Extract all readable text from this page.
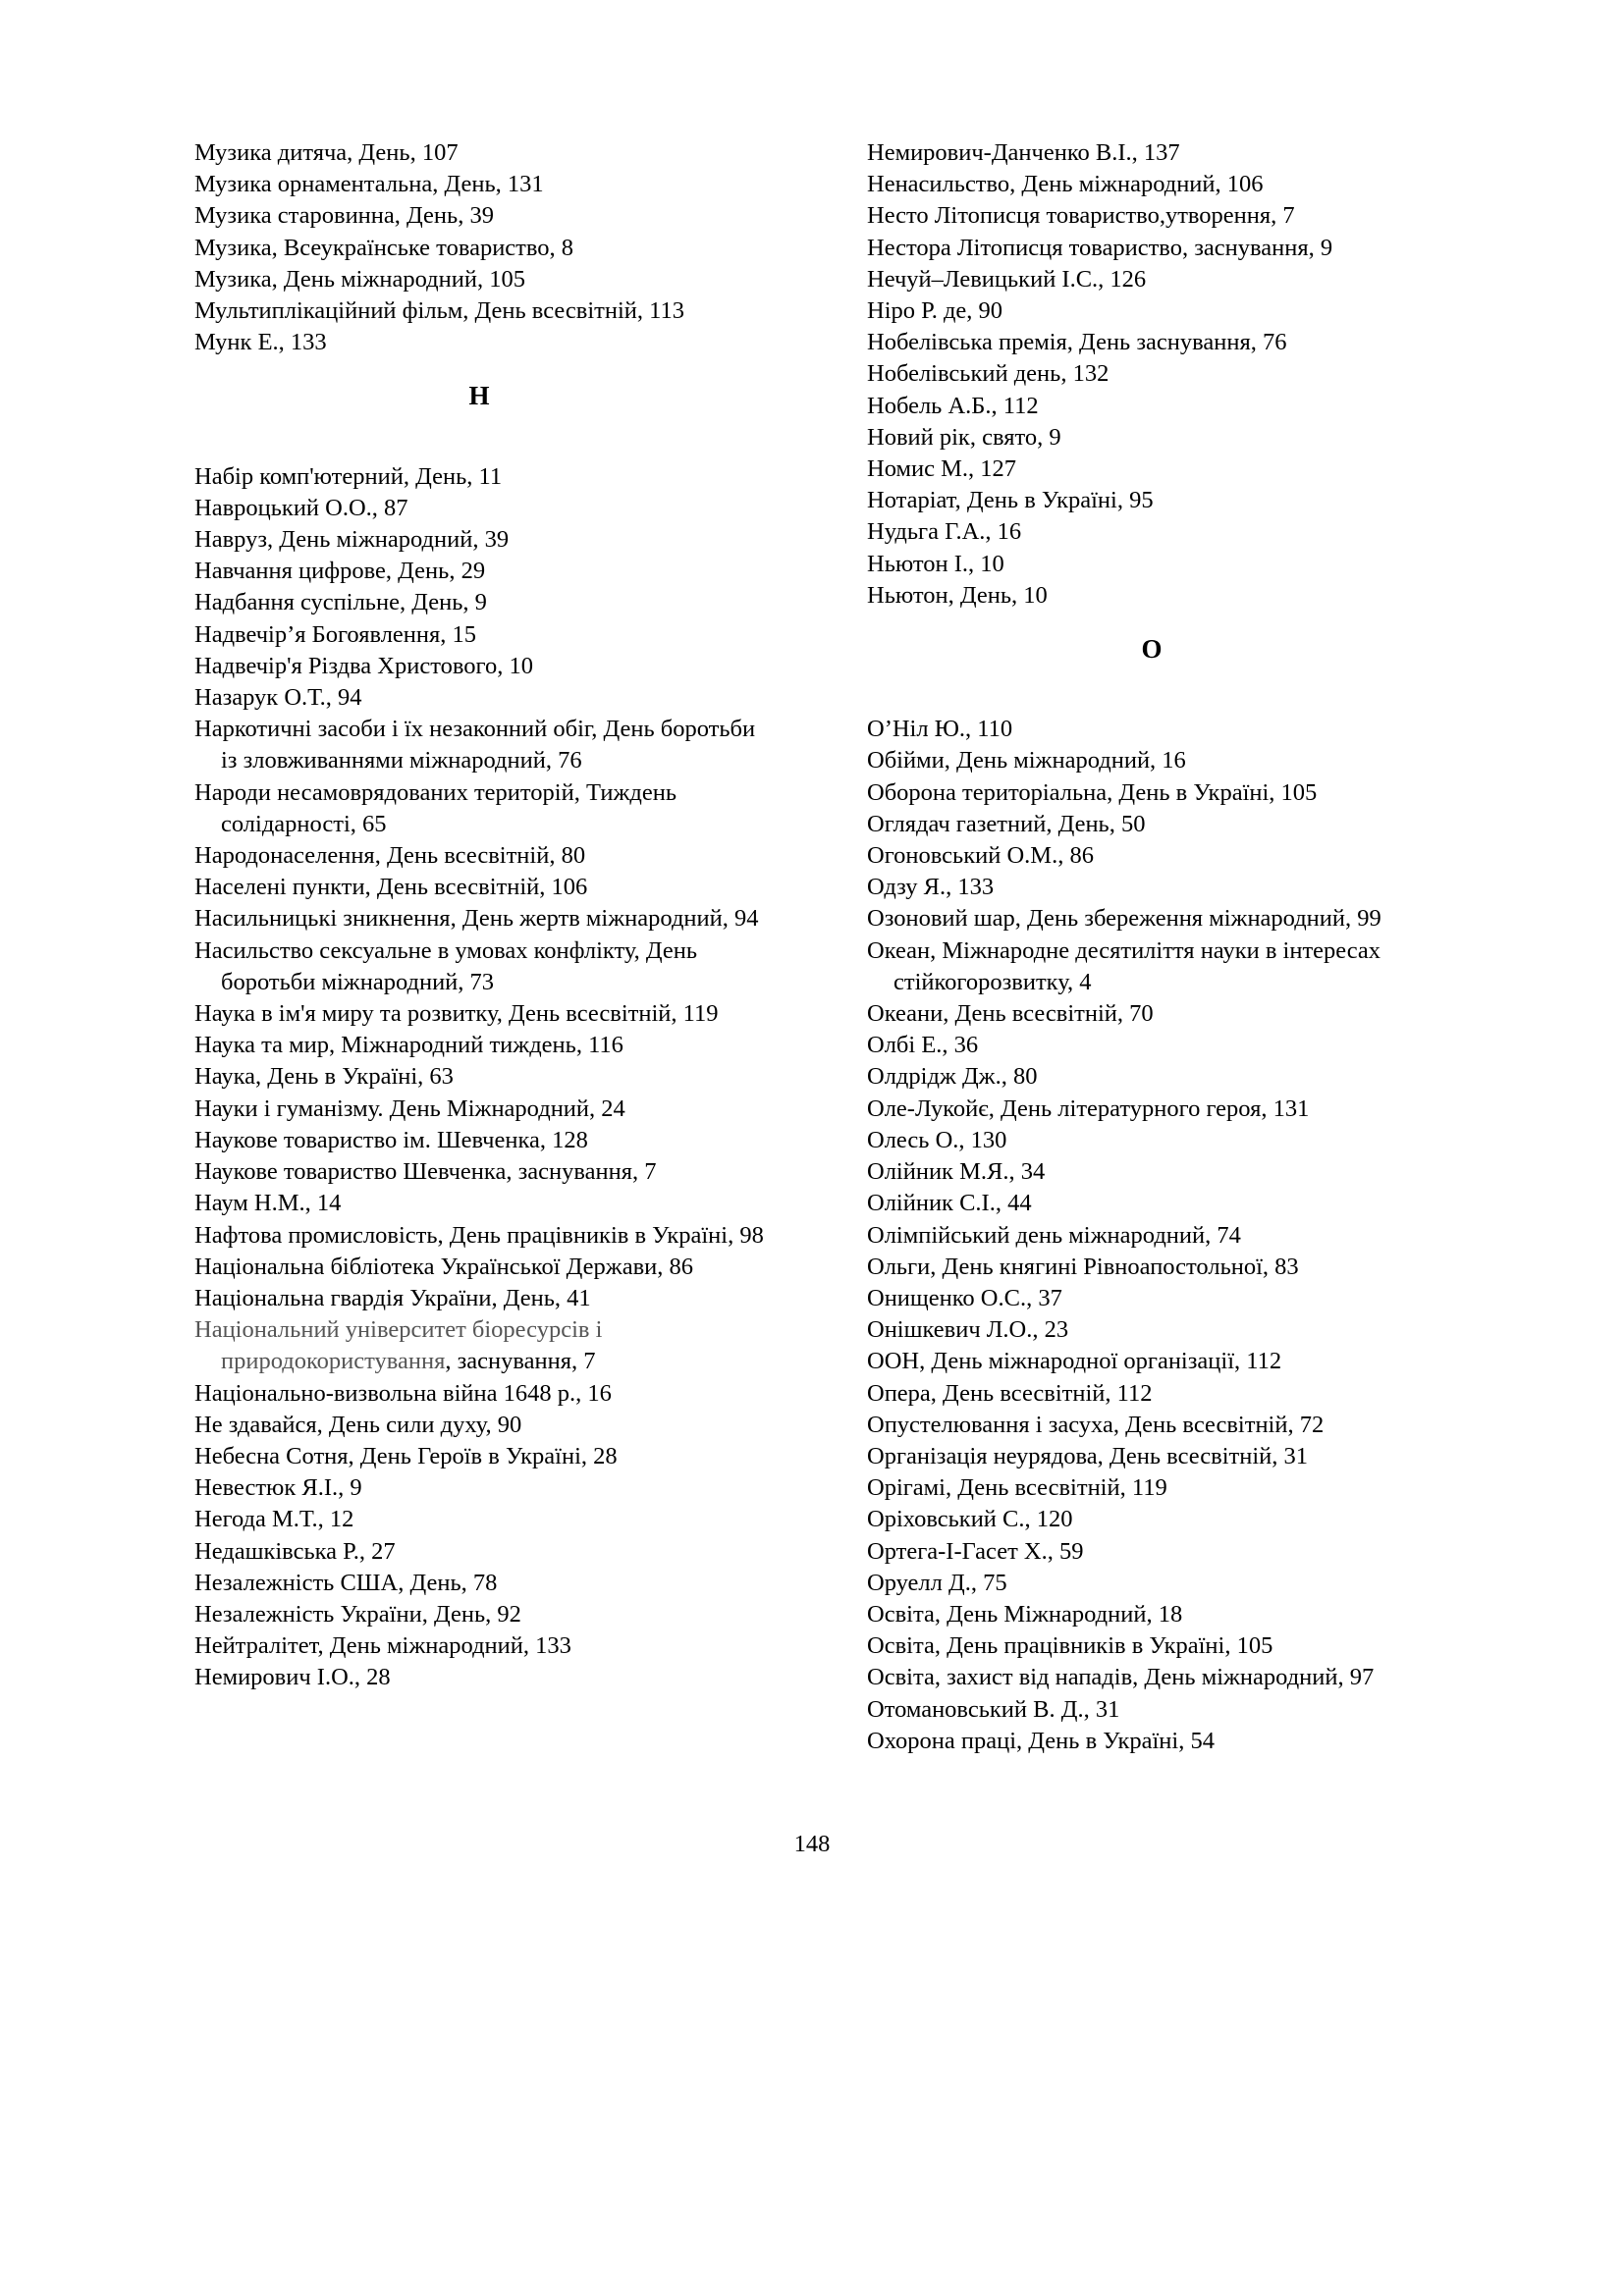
Музика дитяча, День, 107

Музика орнаментальна, День, 131

Музика старовинна, День, 39

Музика, Всеукраїнське товариство, 8

Музика, День міжнародний, 105

Мультиплікаційний фільм, День всесвітній, 113

Мунк Е., 133

Н

Набір комп'ютерний, День, 11

Навроцький О.О., 87

Навруз, День міжнародний, 39

Навчання цифрове, День, 29

Надбання суспільне, День, 9

Надвечір’я Богоявлення, 15

Надвечір'я Різдва Христового, 10

Назарук О.Т., 94

Наркотичні засоби і їх незаконний обіг, День боротьби із зловживаннями міжнародний, 76

Народи несамоврядованих територій, Тиждень солідарності, 65

Народонаселення, День всесвітній, 80

Населені пункти, День всесвітній, 106

Насильницькі зникнення, День жертв міжнародний, 94

Насильство сексуальне в умовах конфлікту, День боротьби міжнародний, 73

Наука в ім'я миру та розвитку, День всесвітній, 119

Наука та мир, Міжнародний тиждень, 116

Наука, День в Україні, 63

Науки і гуманізму. День Міжнародний, 24

Наукове товариство ім. Шевченка, 128

Наукове товариство Шевченка, заснування, 7

Наум Н.М., 14

Нафтова промисловість, День працівників в Україні, 98

Національна бібліотека Української Держави, 86

Національна гвардія України, День, 41

Національний університет біоресурсів і природокористування, заснування, 7

Національно-визвольна війна 1648 р., 16

Не здавайся, День сили духу, 90

Небесна Сотня, День Героїв в Україні, 28

Невестюк Я.І., 9

Негода М.Т., 12

Недашківська Р., 27

Незалежність США, День, 78

Незалежність України, День, 92

Нейтралітет, День міжнародний, 133

Немирович І.О., 28

Немирович-Данченко В.І., 137

Ненасильство, День міжнародний, 106

Несто Літописця товариство,утворення, 7

Нестора Літописця товариство, заснування, 9

Нечуй–Левицький І.С., 126

Ніро Р. де, 90

Нобелівська премія, День заснування, 76

Нобелівський день, 132

Нобель А.Б., 112

Новий рік, свято, 9

Номис М., 127

Нотаріат, День в Україні, 95

Нудьга Г.А., 16

Ньютон І., 10

Ньютон, День, 10

О

О’Ніл Ю., 110

Обійми, День міжнародний, 16

Оборона територіальна, День в Україні, 105

Оглядач газетний, День, 50

Огоновський О.М., 86

Одзу Я., 133

Озоновий шар, День збереження міжнародний, 99

Океан, Міжнародне десятиліття науки в інтересах стійкогорозвитку, 4

Океани, День всесвітній, 70

Олбі Е., 36

Олдрідж Дж., 80

Оле-Лукойє, День літературного героя, 131

Олесь О., 130

Олійник М.Я., 34

Олійник С.І., 44

Олімпійський день міжнародний, 74

Ольги, День княгині Рівноапостольної, 83

Онищенко О.С., 37

Онішкевич Л.О., 23

ООН, День міжнародної організації, 112

Опера, День всесвітній, 112

Опустелювання і засуха, День всесвітній, 72

Організація неурядова, День всесвітній, 31

Орігамі, День всесвітній, 119

Оріховський С., 120

Ортега-І-Гасет Х., 59

Оруелл Д., 75

Освіта, День Міжнародний, 18

Освіта, День працівників в Україні, 105

Освіта, захист від нападів, День міжнародний, 97

Отомановський В. Д., 31

Охорона праці, День в Україні, 54

148
